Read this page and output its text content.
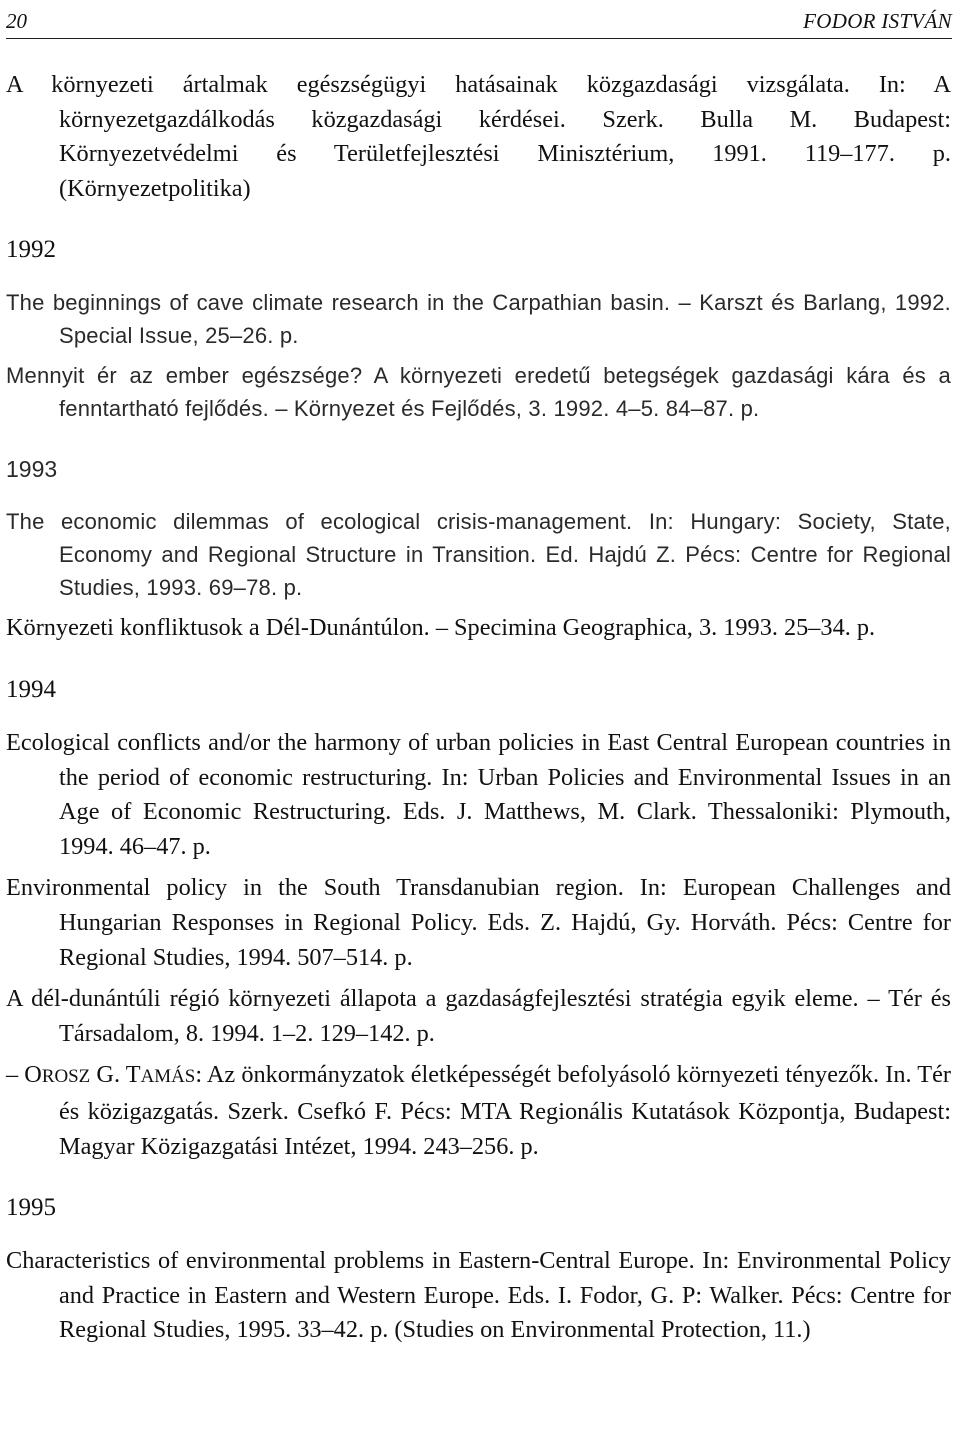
20	FODOR ISTVÁN

A környezeti ártalmak egészségügyi hatásainak közgazdasági vizsgálata. In: A környezetgazdálkodás közgazdasági kérdései. Szerk. Bulla M. Budapest: Környezetvédelmi és Területfejlesztési Minisztérium, 1991. 119–177. p. (Környezetpolitika)

1992

The beginnings of cave climate research in the Carpathian basin. – Karszt és Barlang, 1992. Special Issue, 25–26. p.

Mennyit ér az ember egészsége? A környezeti eredetű betegségek gazdasági kára és a fenntartható fejlődés. – Környezet és Fejlődés, 3. 1992. 4–5. 84–87. p.

1993

The economic dilemmas of ecological crisis-management. In: Hungary: Society, State, Economy and Regional Structure in Transition. Ed. Hajdú Z. Pécs: Centre for Regional Studies, 1993. 69–78. p.

Környezeti konfliktusok a Dél-Dunántúlon. – Specimina Geographica, 3. 1993. 25–34. p.

1994

Ecological conflicts and/or the harmony of urban policies in East Central European countries in the period of economic restructuring. In: Urban Policies and Environmental Issues in an Age of Economic Restructuring. Eds. J. Matthews, M. Clark. Thessaloniki: Plymouth, 1994. 46–47. p.

Environmental policy in the South Transdanubian region. In: European Challenges and Hungarian Responses in Regional Policy. Eds. Z. Hajdú, Gy. Horváth. Pécs: Centre for Regional Studies, 1994. 507–514. p.

A dél-dunántúli régió környezeti állapota a gazdaságfejlesztési stratégia egyik eleme. – Tér és Társadalom, 8. 1994. 1–2. 129–142. p.

– OROSZ G. TAMÁS: Az önkormányzatok életképességét befolyásoló környezeti tényezők. In. Tér és közigazgatás. Szerk. Csefkó F. Pécs: MTA Regionális Kutatások Központja, Budapest: Magyar Közigazgatási Intézet, 1994. 243–256. p.

1995

Characteristics of environmental problems in Eastern-Central Europe. In: Environmental Policy and Practice in Eastern and Western Europe. Eds. I. Fodor, G. P: Walker. Pécs: Centre for Regional Studies, 1995. 33–42. p. (Studies on Environmental Protection, 11.)
